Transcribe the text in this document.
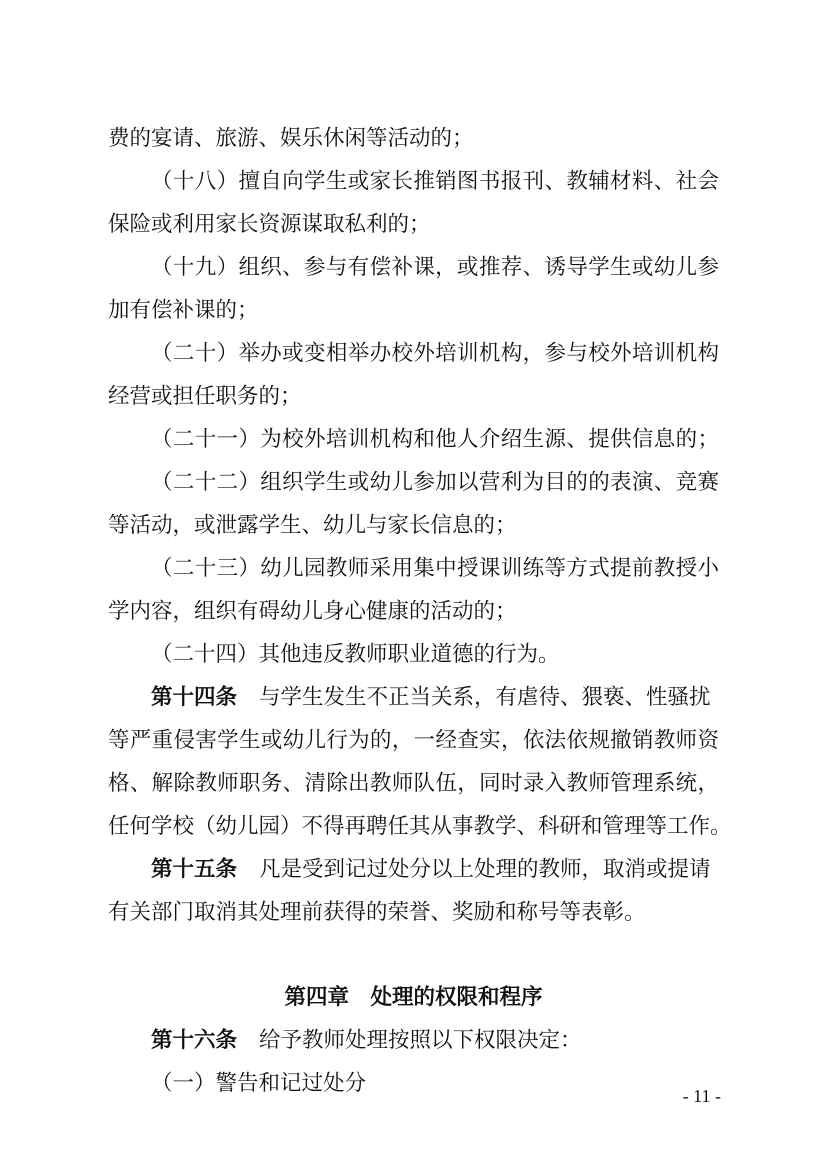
费的宴请、旅游、娱乐休闲等活动的；
（十八）擅自向学生或家长推销图书报刊、教辅材料、社会
保险或利用家长资源谋取私利的；
（十九）组织、参与有偿补课，或推荐、诱导学生或幼儿参
加有偿补课的；
（二十）举办或变相举办校外培训机构，参与校外培训机构
经营或担任职务的；
（二十一）为校外培训机构和他人介绍生源、提供信息的；
（二十二）组织学生或幼儿参加以营利为目的的表演、竞赛
等活动，或泄露学生、幼儿与家长信息的；
（二十三）幼儿园教师采用集中授课训练等方式提前教授小
学内容，组织有碍幼儿身心健康的活动的；
（二十四）其他违反教师职业道德的行为。
第十四条 与学生发生不正当关系，有虐待、猥亵、性骚扰
等严重侵害学生或幼儿行为的，一经查实，依法依规撤销教师资
格、解除教师职务、清除出教师队伍，同时录入教师管理系统，
任何学校（幼儿园）不得再聘任其从事教学、科研和管理等工作。
第十五条 凡是受到记过处分以上处理的教师，取消或提请
有关部门取消其处理前获得的荣誉、奖励和称号等表彰。
第四章　处理的权限和程序
第十六条 给予教师处理按照以下权限决定：
（一）警告和记过处分	- 11 -
